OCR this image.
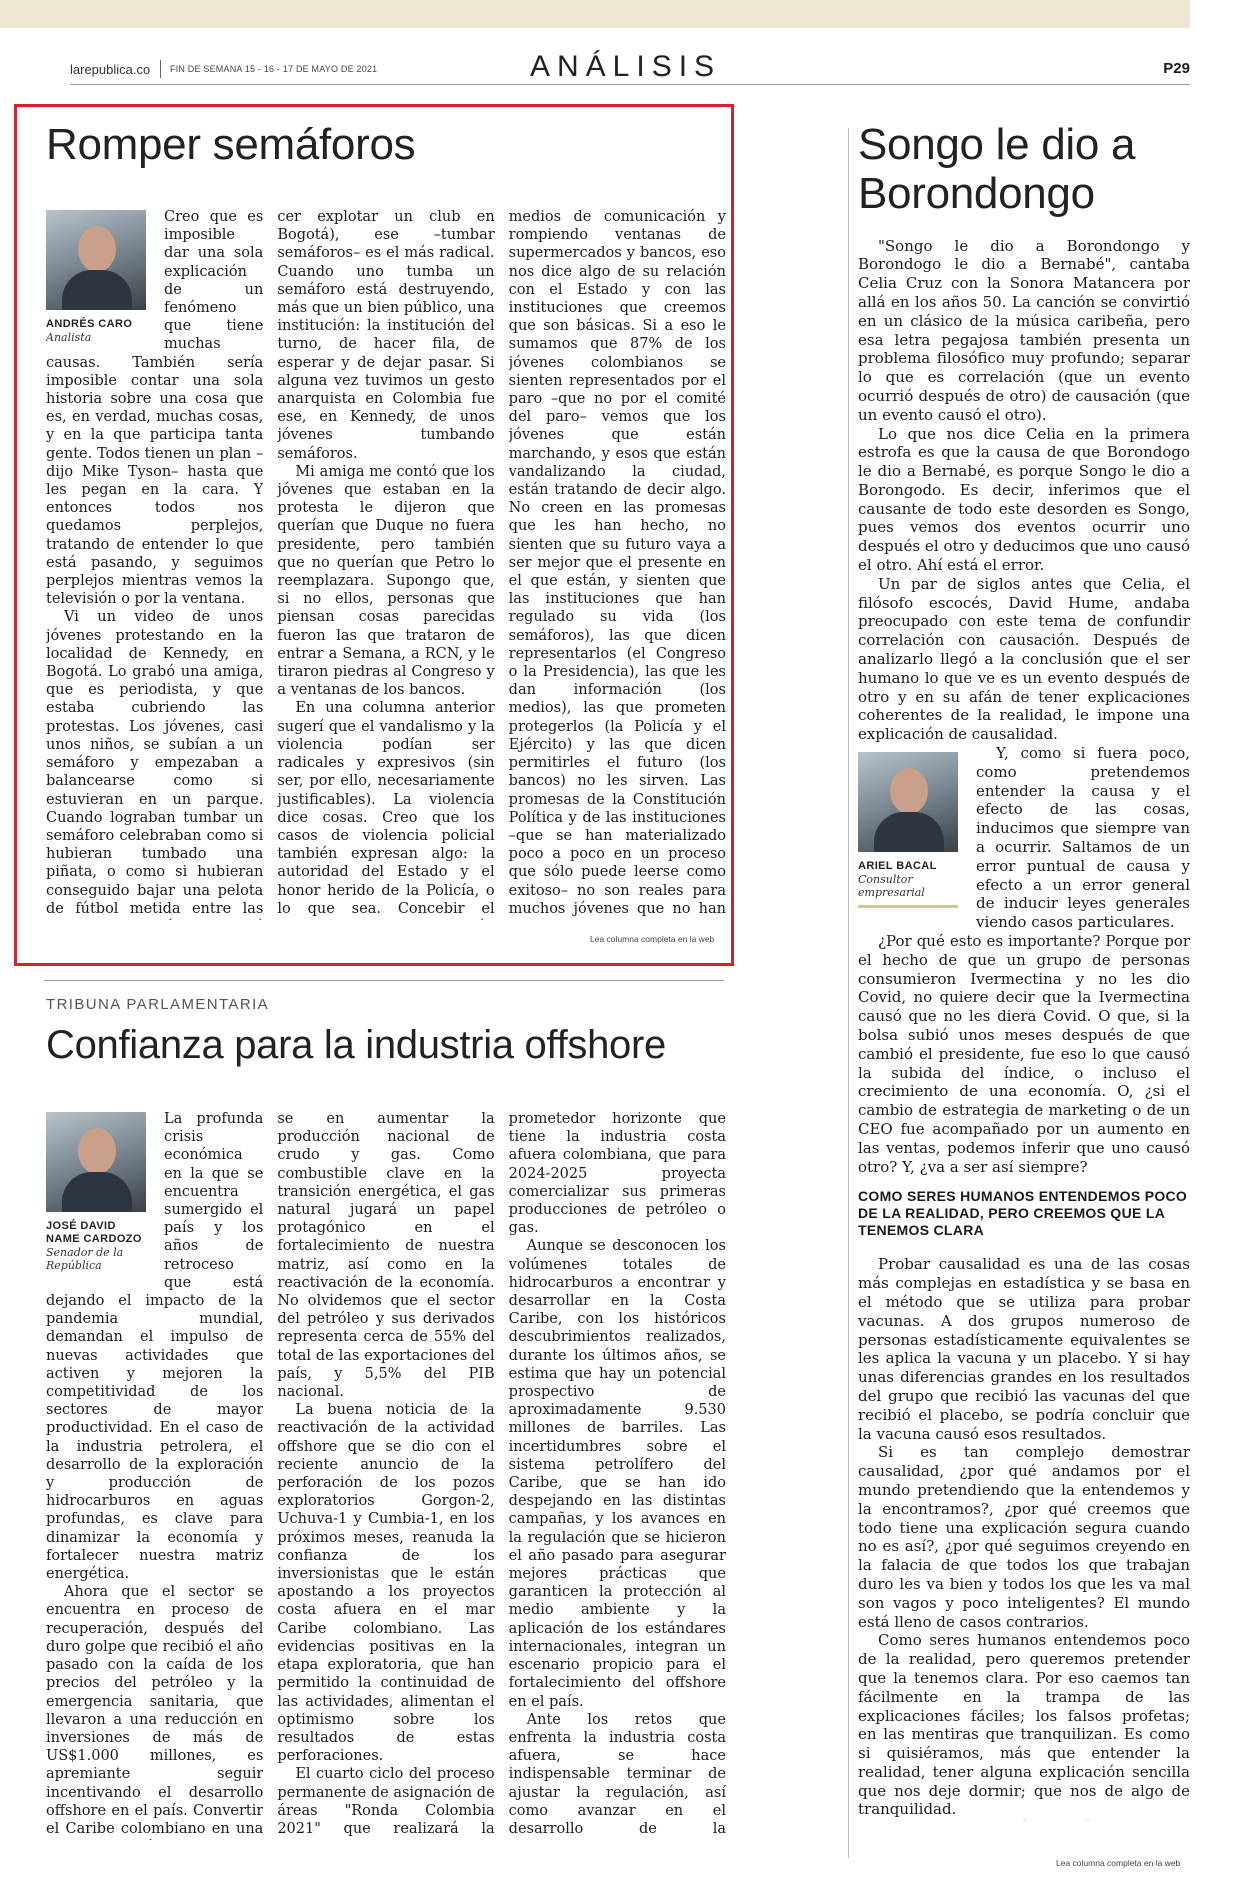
larepublica.co FIN DE SEMANA 15 - 16 - 17 DE MAYO DE 2021	ANÁLISIS	P29
Romper semáforos
ANDRÉS CARO
Analista

Creo que es imposible dar una sola explicación de un fenómeno que tiene muchas causas. También sería imposible contar una sola historia sobre una cosa que es, en verdad, muchas cosas, y en la que participa tanta gente. Todos tienen un plan –dijo Mike Tyson– hasta que les pegan en la cara. Y entonces todos nos quedamos perplejos, tratando de entender lo que está pasando, y seguimos perplejos mientras vemos la televisión o por la ventana.

Vi un video de unos jóvenes protestando en la localidad de Kennedy, en Bogotá. Lo grabó una amiga, que es periodista, y que estaba cubriendo las protestas. Los jóvenes, casi unos niños, se subían a un semáforo y empezaban a balancearse como si estuvieran en un parque. Cuando lograban tumbar un semáforo celebraban como si hubieran tumbado una piñata, o como si hubieran conseguido bajar una pelota de fútbol metida entre las

cer explotar un club en Bogotá), ese –tumbar semáforos– es el más radical. Cuando uno tumba un semáforo está destruyendo, más que un bien público, una institución: la institución del turno, de hacer fila, de esperar y de dejar pasar. Si alguna vez tuvimos un gesto anarquista en Colombia fue ese, en Kennedy, de unos jóvenes tumbando semáforos.

Mi amiga me contó que los jóvenes que estaban en la protesta le dijeron que querían que Duque no fuera presidente, pero también que no querían que Petro lo reemplazara. Supongo que, si no ellos, personas que piensan cosas parecidas fueron las que trataron de entrar a Semana, a RCN, y le tiraron piedras al Congreso y a ventanas de los bancos.

En una columna anterior sugerí que el vandalismo y la violencia podían ser radicales y expresivos (sin ser, por ello, necesariamente justificables). La violencia dice cosas. Creo que los casos de violencia policial también expresan algo: la autoridad del Estado y el honor herido de la Policía, o lo que sea. Concebir el

medios de comunicación y rompiendo ventanas de supermercados y bancos, eso nos dice algo de su relación con el Estado y con las instituciones que creemos que son básicas. Si a eso le sumamos que 87% de los jóvenes colombianos se sienten representados por el paro –que no por el comité del paro– vemos que los jóvenes que están marchando, y esos que están vandalizando la ciudad, están tratando de decir algo. No creen en las promesas que les han hecho, no sienten que su futuro vaya a ser mejor que el presente en el que están, y sienten que las instituciones que han regulado su vida (los semáforos), las que dicen representarlos (el Congreso o la Presidencia), las que les dan información (los medios), las que prometen protegerlos (la Policía y el Ejército) y las que dicen permitirles el futuro (los bancos) no les sirven. Las promesas de la Constitución Política y de las instituciones –que se han materializado poco a poco en un proceso que sólo puede leerse como exitoso– no son reales para muchos jóvenes que no han

Lea columna completa en la web
TRIBUNA PARLAMENTARIA
Confianza para la industria offshore
JOSÉ DAVID NAME CARDOZO
Senador de la República

La profunda crisis económica en la que se encuentra sumergido el país y los años de retroceso que está dejando el impacto de la pandemia mundial, demandan el impulso de nuevas actividades que activen y mejoren la competitividad de los sectores de mayor productividad. En el caso de la industria petrolera, el desarrollo de la exploración y producción de hidrocarburos en aguas profundas, es clave para dinamizar la economía y fortalecer nuestra matriz energética.

Ahora que el sector se encuentra en proceso de recuperación, después del duro golpe que recibió el año pasado con la caída de los precios del petróleo y la emergencia sanitaria, que llevaron a una reducción en inversiones de más de US$1.000 millones, es apremiante seguir incentivando el desarrollo offshore en el país. Convertir el Caribe colombiano en una

se en aumentar la producción nacional de crudo y gas. Como combustible clave en la transición energética, el gas natural jugará un papel protagónico en el fortalecimiento de nuestra matriz, así como en la reactivación de la economía. No olvidemos que el sector del petróleo y sus derivados representa cerca de 55% del total de las exportaciones del país, y 5,5% del PIB nacional.

La buena noticia de la reactivación de la actividad offshore que se dio con el reciente anuncio de la perforación de los pozos exploratorios Gorgon-2, Uchuva-1 y Cumbia-1, en los próximos meses, reanuda la confianza de los inversionistas que le están apostando a los proyectos costa afuera en el mar Caribe colombiano. Las evidencias positivas en la etapa exploratoria, que han permitido la continuidad de las actividades, alimentan el optimismo sobre los resultados de estas perforaciones.

El cuarto ciclo del proceso permanente de asignación de áreas "Ronda Colombia 2021" que realizará la

prometedor horizonte que tiene la industria costa afuera colombiana, que para 2024-2025 proyecta comercializar sus primeras producciones de petróleo o gas.

Aunque se desconocen los volúmenes totales de hidrocarburos a encontrar y desarrollar en la Costa Caribe, con los históricos descubrimientos realizados, durante los últimos años, se estima que hay un potencial prospectivo de aproximadamente 9.530 millones de barriles. Las incertidumbres sobre el sistema petrolífero del Caribe, que se han ido despejando en las distintas campañas, y los avances en la regulación que se hicieron el año pasado para asegurar mejores prácticas que garanticen la protección al medio ambiente y la aplicación de los estándares internacionales, integran un escenario propicio para el fortalecimiento del offshore en el país.

Ante los retos que enfrenta la industria costa afuera, se hace indispensable terminar de ajustar la regulación, así como avanzar en el desarrollo de la

Songo le dio a Borondongo

"Songo le dio a Borondongo y Borondogo le dio a Bernabé", cantaba Celia Cruz con la Sonora Matancera por allá en los años 50. La canción se convirtió en un clásico de la música caribeña, pero esa letra pegajosa también presenta un problema filosófico muy profundo; separar lo que es correlación (que un evento ocurrió después de otro) de causación (que un evento causó el otro).

Lo que nos dice Celia en la primera estrofa es que la causa de que Borondogo le dio a Bernabé, es porque Songo le dio a Borongodo. Es decir, inferimos que el causante de todo este desorden es Songo, pues vemos dos eventos ocurrir uno después el otro y deducimos que uno causó el otro. Ahí está el error.

Un par de siglos antes que Celia, el filósofo escocés, David Hume, andaba preocupado con este tema de confundir correlación con causación. Después de analizarlo llegó a la conclusión que el ser humano lo que ve es un evento después de otro y en su afán de tener explicaciones coherentes de la realidad, le impone una explicación de causalidad.

ARIEL BACAL
Consultor empresarial

Y, como si fuera poco, como pretendemos entender la causa y el efecto de las cosas, inducimos que siempre van a ocurrir. Saltamos de un error puntual de causa y efecto a un error general de inducir leyes generales viendo casos particulares.

¿Por qué esto es importante? Porque por el hecho de que un grupo de personas consumieron Ivermectina y no les dio Covid, no quiere decir que la Ivermectina causó que no les diera Covid. O que, si la bolsa subió unos meses después de que cambió el presidente, fue eso lo que causó la subida del índice, o incluso el crecimiento de una economía. O, ¿si el cambio de estrategia de marketing o de un CEO fue acompañado por un aumento en las ventas, podemos inferir que uno causó otro? Y, ¿va a ser así siempre?

COMO SERES HUMANOS ENTENDEMOS POCO DE LA REALIDAD, PERO CREEMOS QUE LA TENEMOS CLARA

Probar causalidad es una de las cosas más complejas en estadística y se basa en el método que se utiliza para probar vacunas. A dos grupos numeroso de personas estadísticamente equivalentes se les aplica la vacuna y un placebo. Y si hay unas diferencias grandes en los resultados del grupo que recibió las vacunas del que recibió el placebo, se podría concluir que la vacuna causó esos resultados.

Si es tan complejo demostrar causalidad, ¿por qué andamos por el mundo pretendiendo que la entendemos y la encontramos?, ¿por qué creemos que todo tiene una explicación segura cuando no es así?, ¿por qué seguimos creyendo en la falacia de que todos los que trabajan duro les va bien y todos los que les va mal son vagos y poco inteligentes? El mundo está lleno de casos contrarios.

Como seres humanos entendemos poco de la realidad, pero queremos pretender que la tenemos clara. Por eso caemos tan fácilmente en la trampa de las explicaciones fáciles; los falsos profetas; en las mentiras que tranquilizan. Es como si quisiéramos, más que entender la realidad, tener alguna explicación sencilla que nos deje dormir; que nos de algo de tranquilidad.

Lea columna completa en la web
